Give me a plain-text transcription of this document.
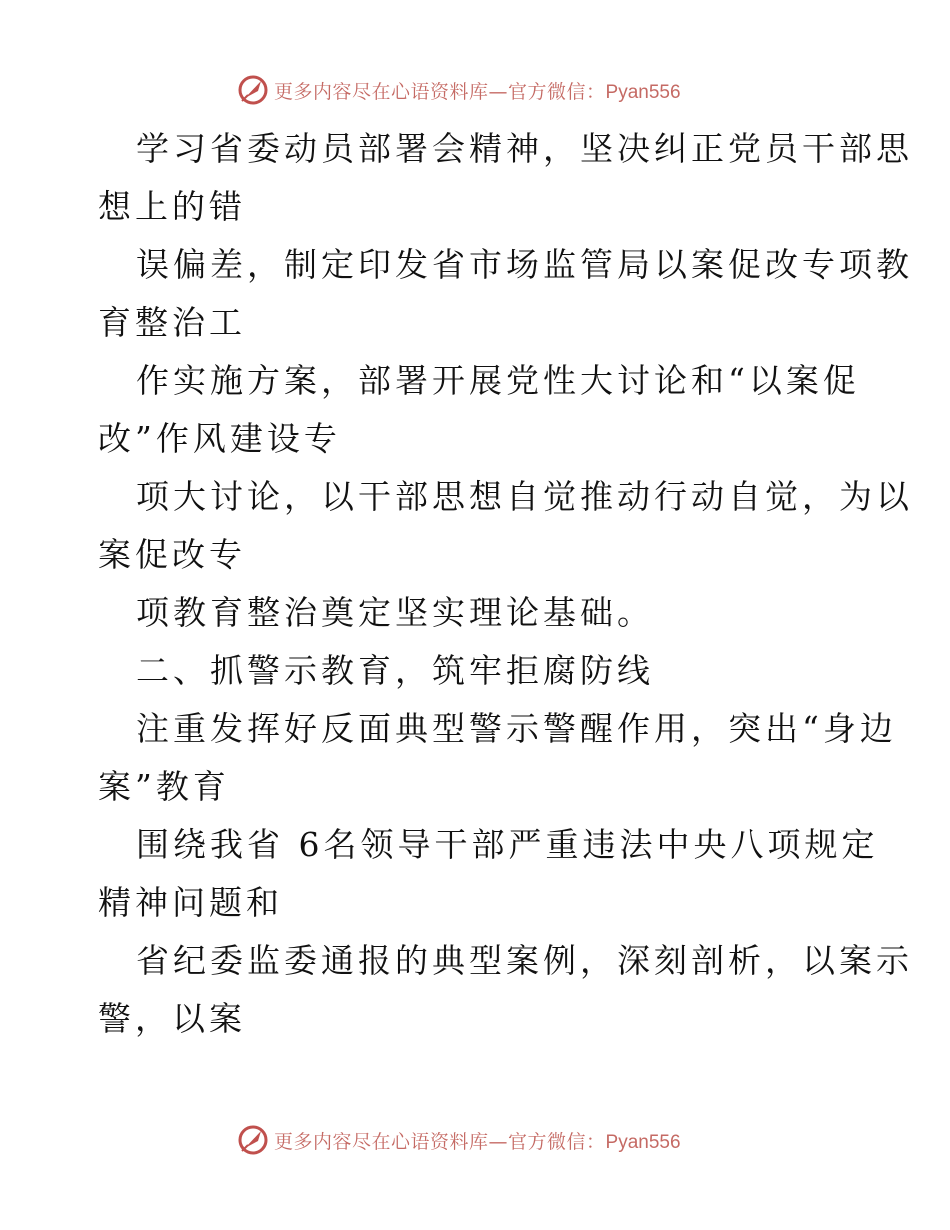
更多内容尽在心语资料库—官方微信：Pyan556
学习省委动员部署会精神，坚决纠正党员干部思
想上的错
误偏差，制定印发省市场监管局以案促改专项教
育整治工
作实施方案，部署开展党性大讨论和“以案促
改”作风建设专
项大讨论，以干部思想自觉推动行动自觉，为以
案促改专
项教育整治奠定坚实理论基础。
二、抓警示教育，筑牢拒腐防线
注重发挥好反面典型警示警醒作用，突出“身边
案”教育
围绕我省 6名领导干部严重违法中央八项规定
精神问题和
省纪委监委通报的典型案例，深刻剖析，以案示
警，以案
更多内容尽在心语资料库—官方微信：Pyan556
